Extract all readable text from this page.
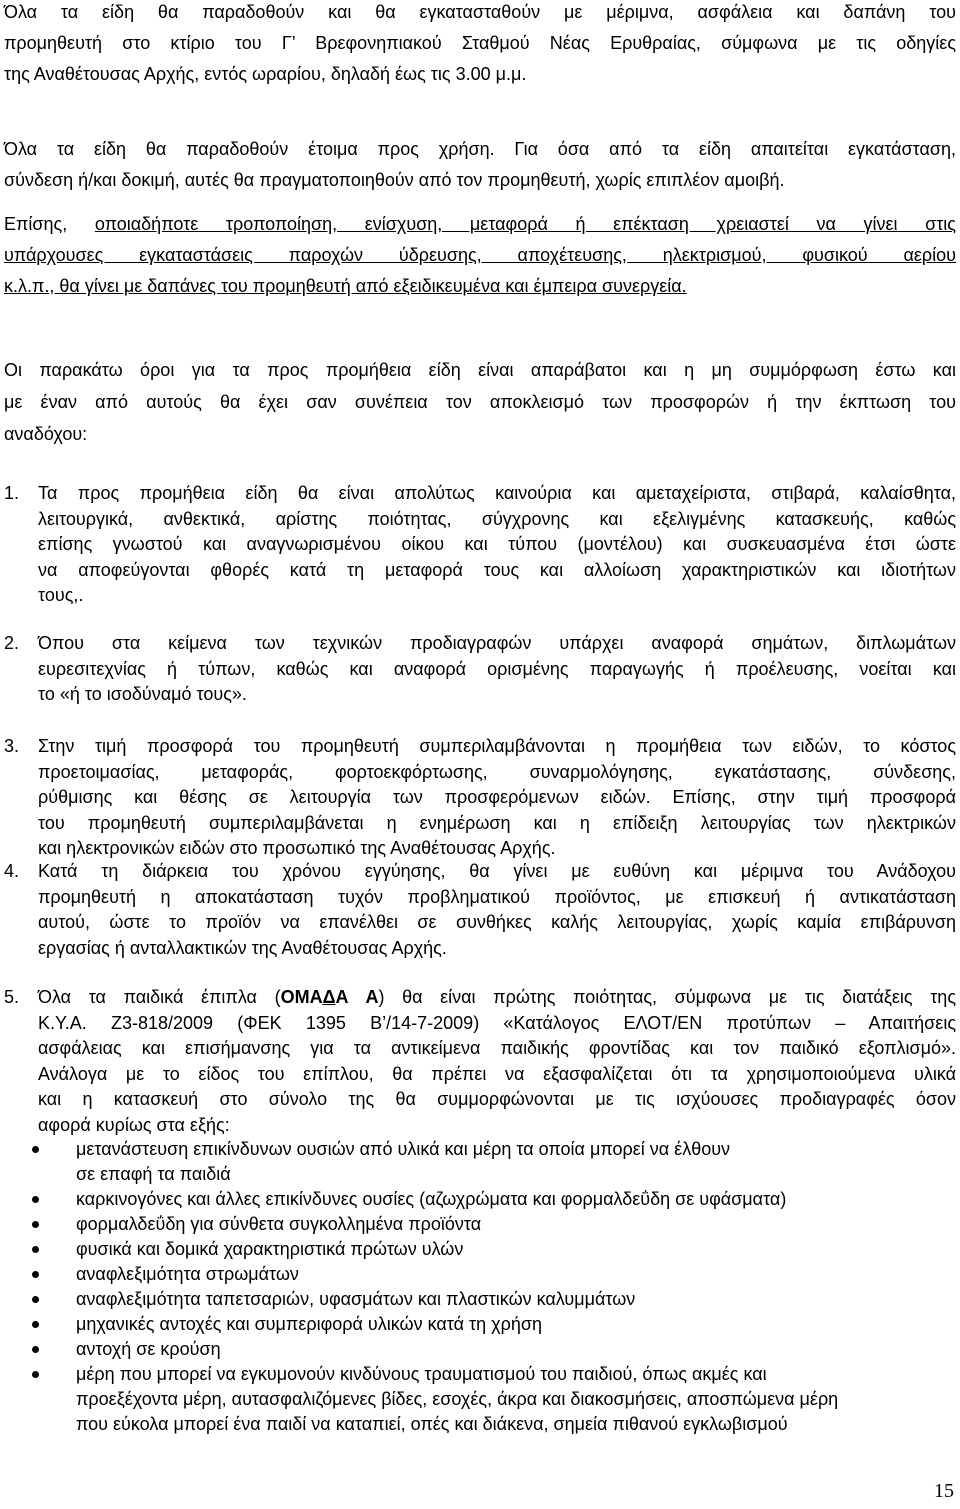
Όλα τα είδη θα παραδοθούν και θα εγκατασταθούν με μέριμνα, ασφάλεια και δαπάνη του
προμηθευτή στο κτίριο του Γ’ Βρεφονηπιακού Σταθμού Νέας Ερυθραίας, σύμφωνα με τις οδηγίες
της Αναθέτουσας Αρχής, εντός ωραρίου, δηλαδή έως τις 3.00 μ.μ.
Όλα τα είδη θα παραδοθούν έτοιμα προς χρήση. Για όσα από τα είδη απαιτείται εγκατάσταση,
σύνδεση ή/και δοκιμή, αυτές θα πραγματοποιηθούν από τον προμηθευτή, χωρίς επιπλέον αμοιβή.
Επίσης, οποιαδήποτε τροποποίηση, ενίσχυση, μεταφορά ή επέκταση χρειαστεί να γίνει στις
υπάρχουσες εγκαταστάσεις παροχών ύδρευσης, αποχέτευσης, ηλεκτρισμού, φυσικού αερίου
κ.λ.π., θα γίνει με δαπάνες του προμηθευτή από εξειδικευμένα και έμπειρα συνεργεία.
Οι παρακάτω όροι για τα προς προμήθεια είδη είναι απαράβατοι και η μη συμμόρφωση έστω και
με έναν από αυτούς θα έχει σαν συνέπεια τον αποκλεισμό των προσφορών ή την έκπτωση του
αναδόχου:
1.	Τα προς προμήθεια είδη θα είναι απολύτως καινούρια και αμεταχείριστα, στιβαρά, καλαίσθητα,
λειτουργικά, ανθεκτικά, αρίστης ποιότητας, σύγχρονης και εξελιγμένης κατασκευής, καθώς
επίσης γνωστού και αναγνωρισμένου οίκου και τύπου (μοντέλου) και συσκευασμένα έτσι ώστε
να αποφεύγονται φθορές κατά τη μεταφορά τους και αλλοίωση χαρακτηριστικών και ιδιοτήτων
τους,.
2.	Όπου στα κείμενα των τεχνικών προδιαγραφών υπάρχει αναφορά σημάτων, διπλωμάτων
ευρεσιτεχνίας ή τύπων, καθώς και αναφορά ορισμένης παραγωγής ή προέλευσης, νοείται και
το «ή το ισοδύναμό τους».
3.	Στην τιμή προσφορά του προμηθευτή συμπεριλαμβάνονται η προμήθεια των ειδών, το κόστος
προετοιμασίας, μεταφοράς, φορτοεκφόρτωσης, συναρμολόγησης, εγκατάστασης, σύνδεσης,
ρύθμισης και θέσης σε λειτουργία των προσφερόμενων ειδών. Επίσης, στην τιμή προσφορά
του προμηθευτή συμπεριλαμβάνεται η ενημέρωση και η επίδειξη λειτουργίας των ηλεκτρικών
και ηλεκτρονικών ειδών στο προσωπικό της Αναθέτουσας Αρχής.
4.	Κατά τη διάρκεια του χρόνου εγγύησης, θα γίνει με ευθύνη και μέριμνα του Ανάδοχου
προμηθευτή η αποκατάσταση τυχόν προβληματικού προϊόντος, με επισκευή ή αντικατάσταση
αυτού, ώστε το προϊόν να επανέλθει σε συνθήκες καλής λειτουργίας, χωρίς καμία επιβάρυνση
εργασίας ή ανταλλακτικών της Αναθέτουσας Αρχής.
5.	Όλα τα παιδικά έπιπλα (ΟΜΑΔΑ Α) θα είναι πρώτης ποιότητας, σύμφωνα με τις διατάξεις της
Κ.Υ.Α. Ζ3-818/2009 (ΦΕΚ 1395 Β’/14-7-2009) «Κατάλογος ΕΛΟΤ/ΕΝ προτύπων – Απαιτήσεις
ασφάλειας και επισήμανσης για τα αντικείμενα παιδικής φροντίδας και τον παιδικό εξοπλισμό».
Ανάλογα με το είδος του επίπλου, θα πρέπει να εξασφαλίζεται ότι τα χρησιμοποιούμενα υλικά
και η κατασκευή στο σύνολο της θα συμμορφώνονται με τις ισχύουσες προδιαγραφές όσον
αφορά κυρίως στα εξής:
μετανάστευση επικίνδυνων ουσιών από υλικά και μέρη τα οποία μπορεί να έλθουν
σε επαφή τα παιδιά
καρκινογόνες και άλλες επικίνδυνες ουσίες (αζωχρώματα και φορμαλδεΰδη σε υφάσματα)
φορμαλδεΰδη για σύνθετα συγκολλημένα προϊόντα
φυσικά και δομικά χαρακτηριστικά πρώτων υλών
αναφλεξιμότητα στρωμάτων
αναφλεξιμότητα ταπετσαριών, υφασμάτων και πλαστικών καλυμμάτων
μηχανικές αντοχές και συμπεριφορά υλικών κατά τη χρήση
αντοχή σε κρούση
μέρη που μπορεί να εγκυμονούν κινδύνους τραυματισμού του παιδιού, όπως ακμές και
προεξέχοντα μέρη, αυτασφαλιζόμενες βίδες, εσοχές, άκρα και διακοσμήσεις, αποσπώμενα μέρη
που εύκολα μπορεί ένα παιδί να καταπιεί, οπές και διάκενα, σημεία πιθανού εγκλωβισμού
15
